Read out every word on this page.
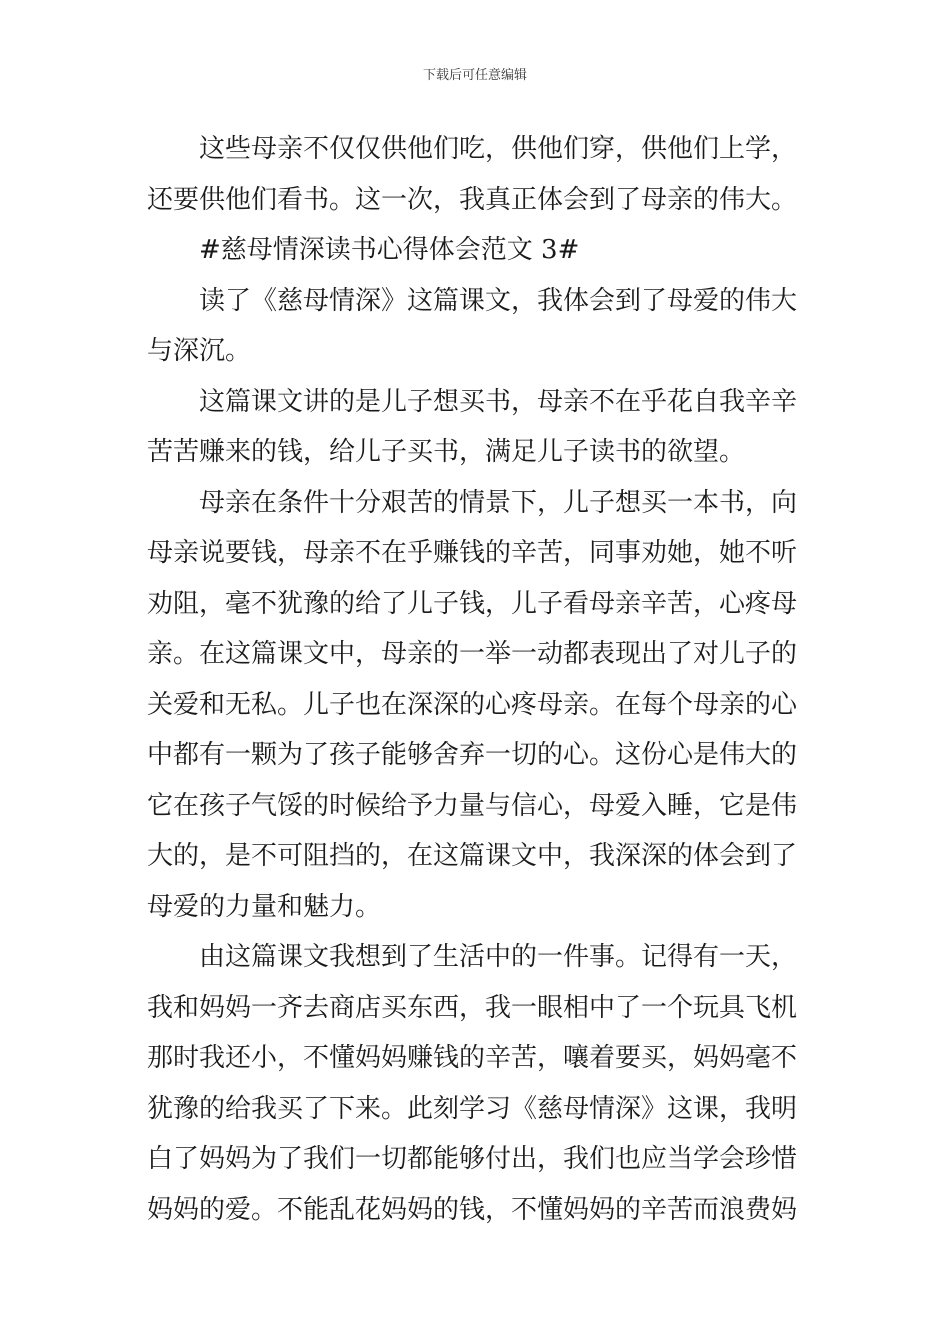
下载后可任意编辑
这些母亲不仅仅供他们吃，供他们穿，供他们上学，
还要供他们看书。这一次，我真正体会到了母亲的伟大。
#慈母情深读书心得体会范文 3#
读了《慈母情深》这篇课文，我体会到了母爱的伟大
与深沉。
这篇课文讲的是儿子想买书，母亲不在乎花自我辛辛
苦苦赚来的钱，给儿子买书，满足儿子读书的欲望。
母亲在条件十分艰苦的情景下，儿子想买一本书，向
母亲说要钱，母亲不在乎赚钱的辛苦，同事劝她，她不听
劝阻，毫不犹豫的给了儿子钱，儿子看母亲辛苦，心疼母
亲。在这篇课文中，母亲的一举一动都表现出了对儿子的
关爱和无私。儿子也在深深的心疼母亲。在每个母亲的心
中都有一颗为了孩子能够舍弃一切的心。这份心是伟大的
它在孩子气馁的时候给予力量与信心，母爱入睡，它是伟
大的，是不可阻挡的，在这篇课文中，我深深的体会到了
母爱的力量和魅力。
由这篇课文我想到了生活中的一件事。记得有一天，
我和妈妈一齐去商店买东西，我一眼相中了一个玩具飞机
那时我还小，不懂妈妈赚钱的辛苦，嚷着要买，妈妈毫不
犹豫的给我买了下来。此刻学习《慈母情深》这课，我明
白了妈妈为了我们一切都能够付出，我们也应当学会珍惜
妈妈的爱。不能乱花妈妈的钱，不懂妈妈的辛苦而浪费妈
